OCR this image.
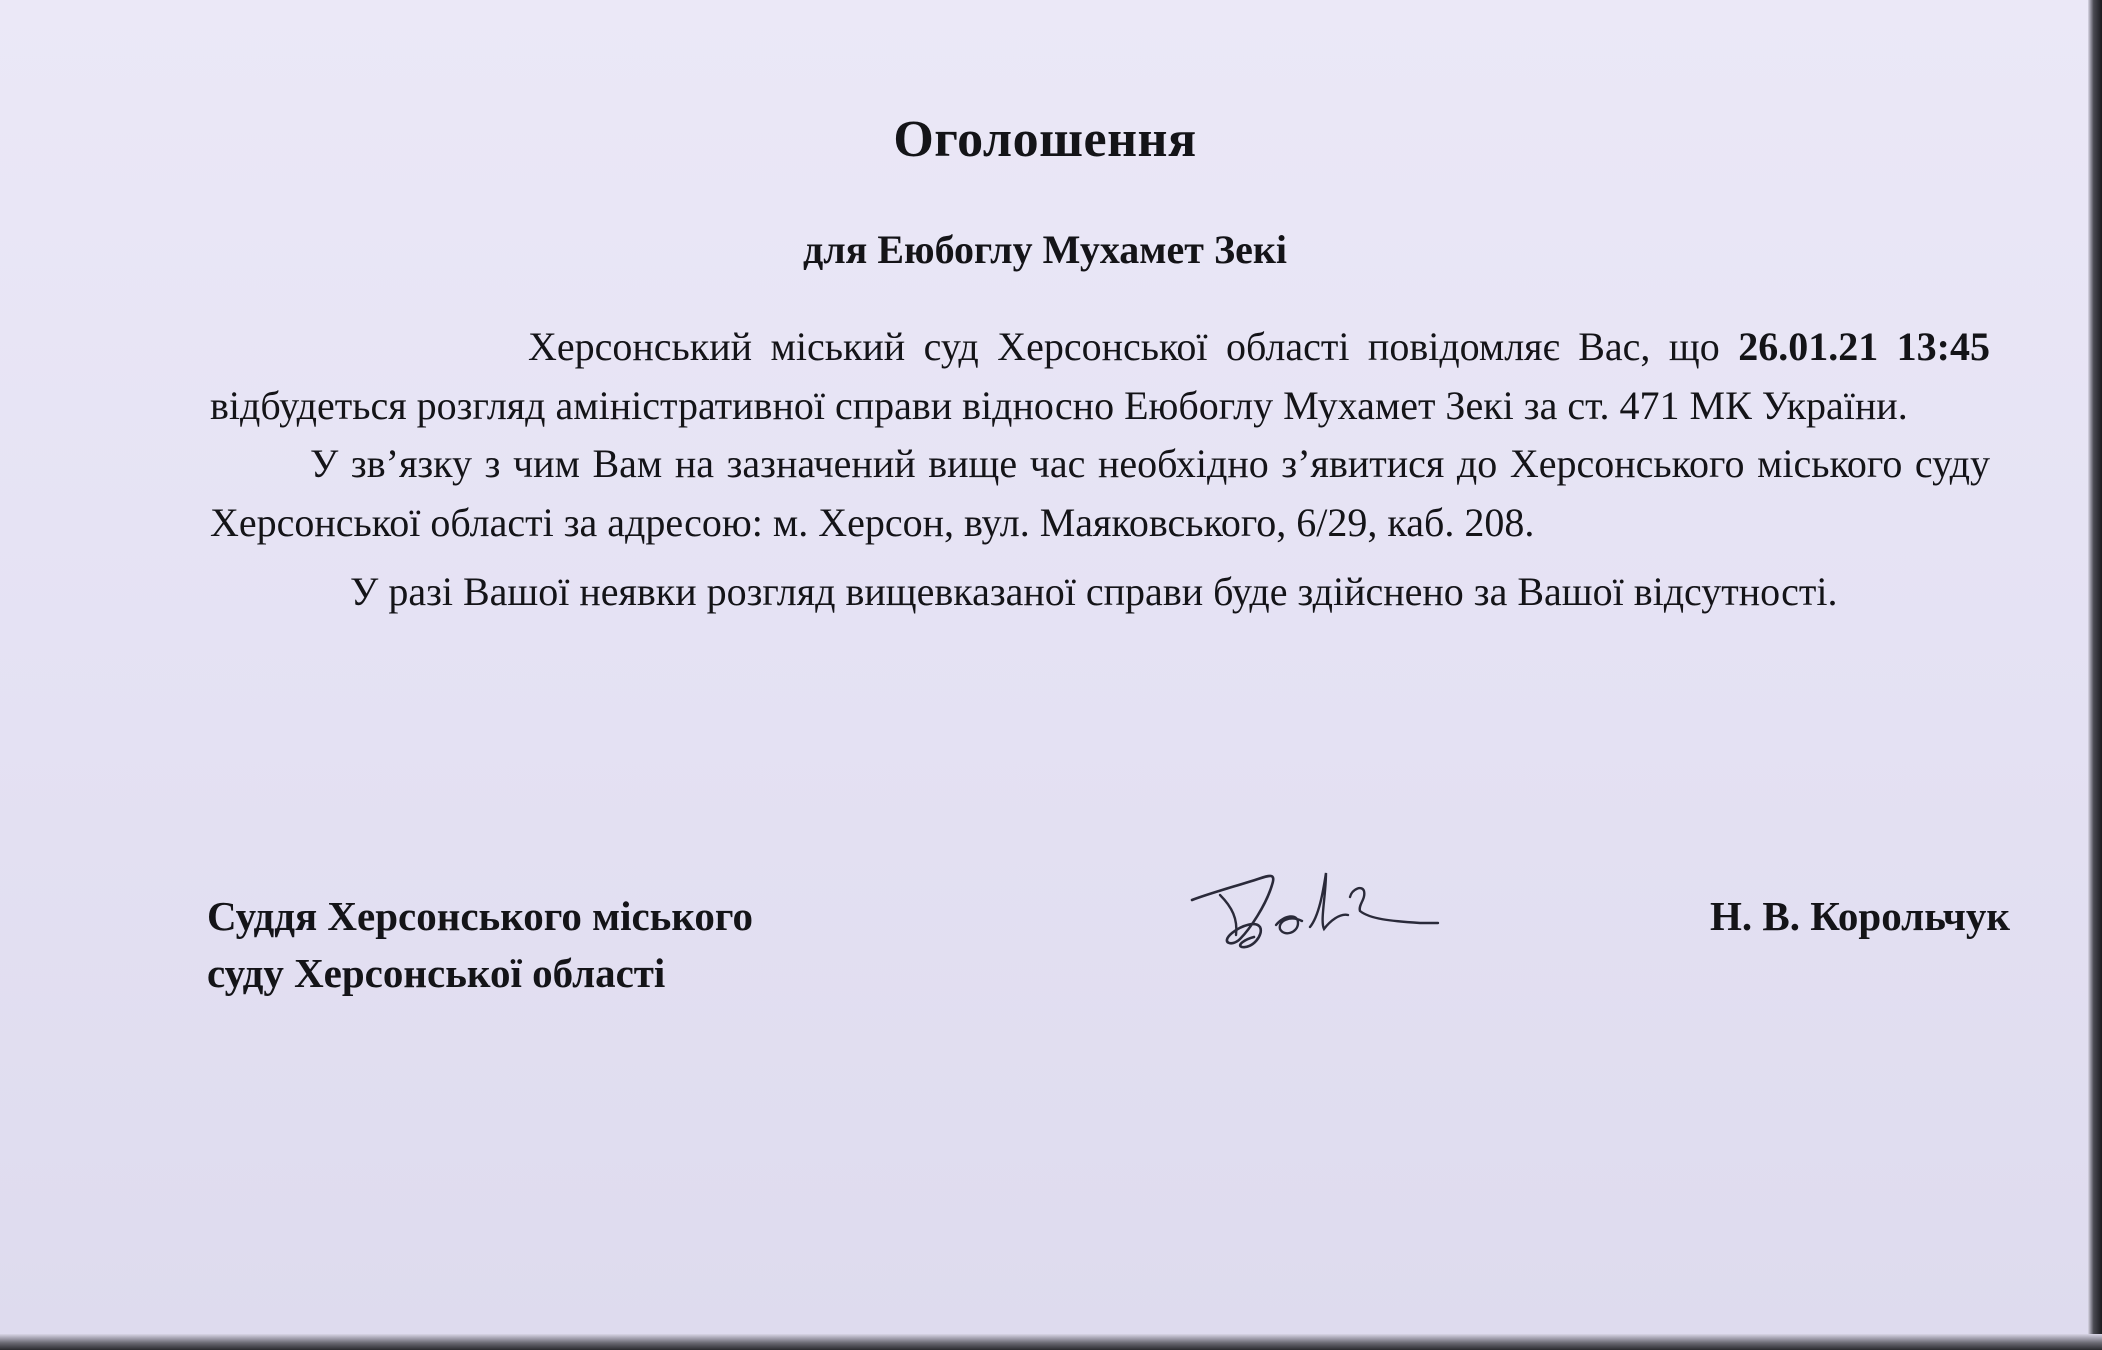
Оголошення
для Еюбоглу Мухамет Зекі

Херсонський міський суд Херсонської області повідомляє Вас, що 26.01.21 13:45 відбудеться розгляд аміністративної справи відносно Еюбоглу Мухамет Зекі за ст. 471 МК України.

У зв’язку з чим Вам на зазначений вище час необхідно з’явитися до Херсонського міського суду Херсонської області за адресою: м. Херсон, вул. Маяковського, 6/29, каб. 208.

У разі Вашої неявки розгляд вищевказаної справи буде здійснено за Вашої відсутності.

Суддя Херсонського міського
суду Херсонської області
Н. В. Корольчук
